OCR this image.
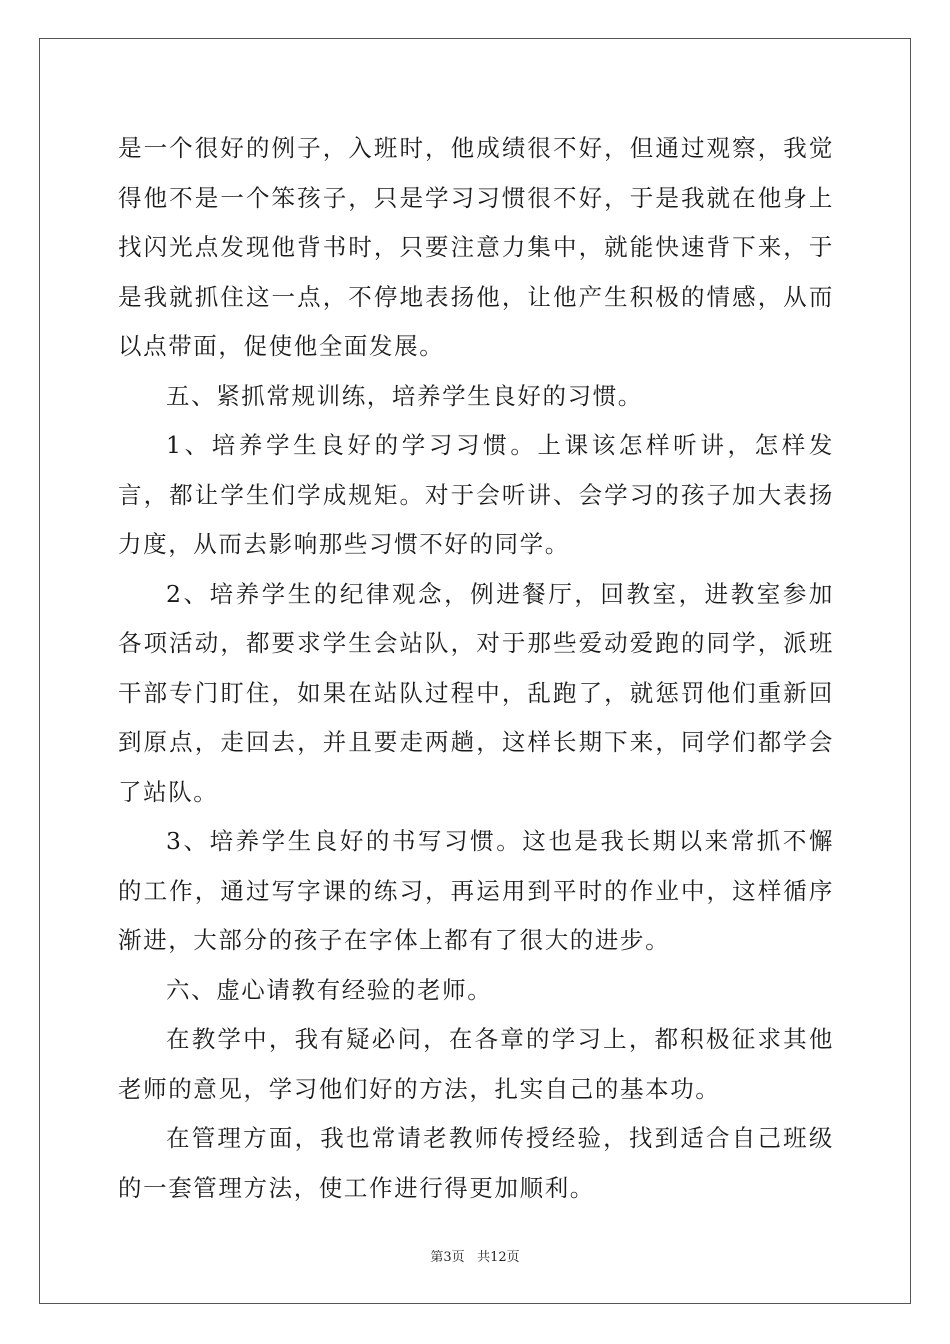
是一个很好的例子，入班时，他成绩很不好，但通过观察，我觉得他不是一个笨孩子，只是学习习惯很不好，于是我就在他身上找闪光点发现他背书时，只要注意力集中，就能快速背下来，于是我就抓住这一点，不停地表扬他，让他产生积极的情感，从而以点带面，促使他全面发展。

五、紧抓常规训练，培养学生良好的习惯。

1、培养学生良好的学习习惯。上课该怎样听讲，怎样发言，都让学生们学成规矩。对于会听讲、会学习的孩子加大表扬力度，从而去影响那些习惯不好的同学。

2、培养学生的纪律观念，例进餐厅，回教室，进教室参加各项活动，都要求学生会站队，对于那些爱动爱跑的同学，派班干部专门盯住，如果在站队过程中，乱跑了，就惩罚他们重新回到原点，走回去，并且要走两趟，这样长期下来，同学们都学会了站队。

3、培养学生良好的书写习惯。这也是我长期以来常抓不懈的工作，通过写字课的练习，再运用到平时的作业中，这样循序渐进，大部分的孩子在字体上都有了很大的进步。

六、虚心请教有经验的老师。

在教学中，我有疑必问，在各章的学习上，都积极征求其他老师的意见，学习他们好的方法，扎实自己的基本功。

在管理方面，我也常请老教师传授经验，找到适合自己班级的一套管理方法，使工作进行得更加顺利。

第3页 共12页
